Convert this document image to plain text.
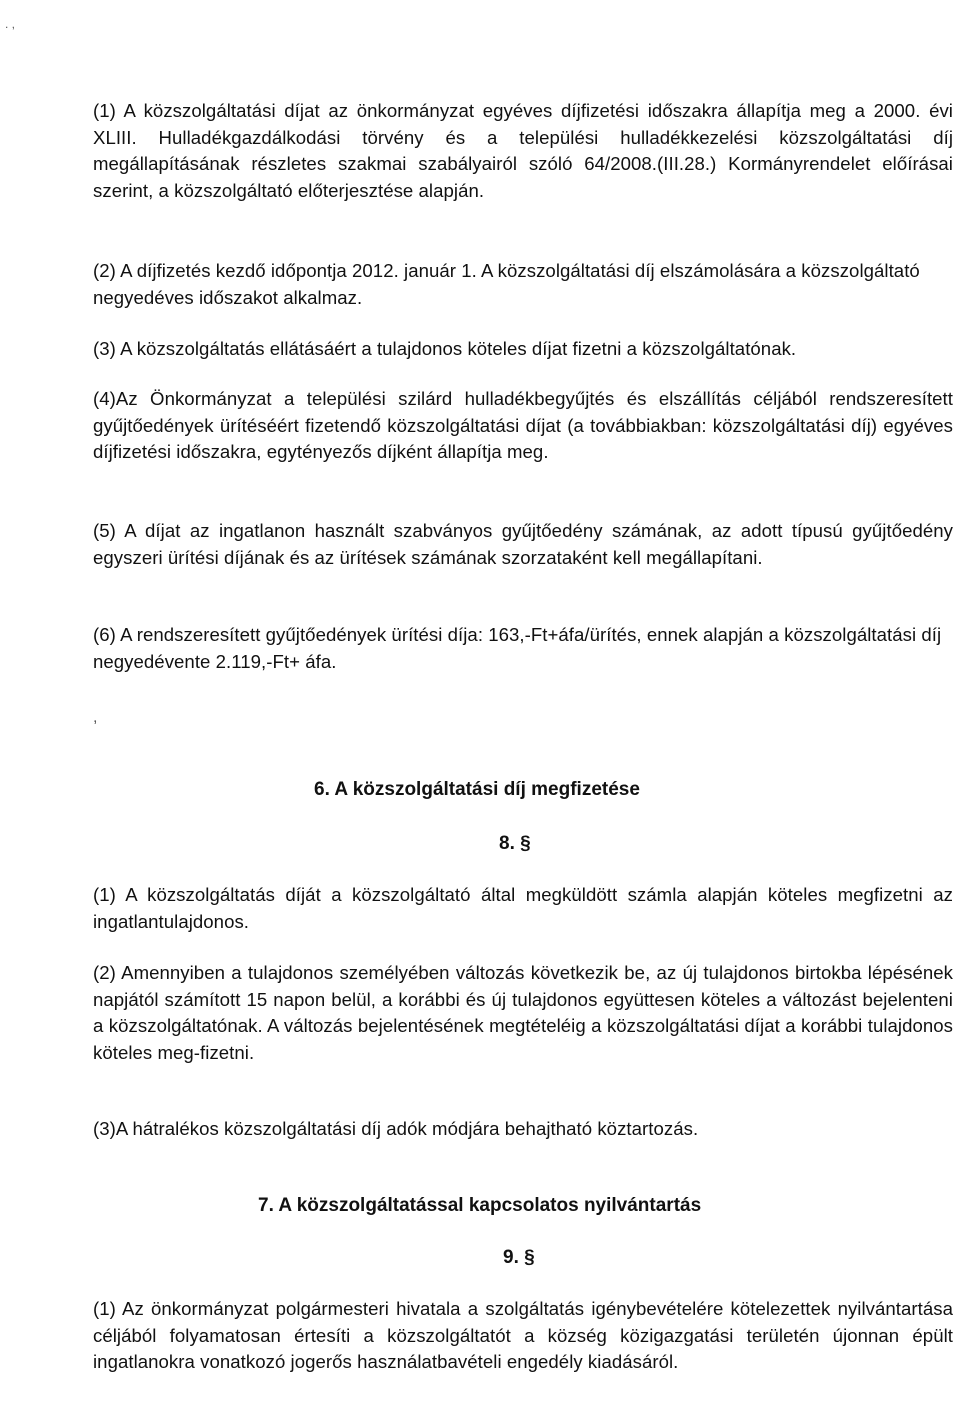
. ,

(1) A közszolgáltatási díjat az önkormányzat egyéves díjfizetési időszakra állapítja meg a 2000. évi XLIII. Hulladékgazdálkodási törvény és a települési hulladékkezelési közszolgáltatási díj megállapításának részletes szakmai szabályairól szóló 64/2008.(III.28.) Kormányrendelet előírásai szerint, a közszolgáltató előterjesztése alapján.

(2) A díjfizetés kezdő időpontja 2012. január 1. A közszolgáltatási díj elszámolására a közszolgáltató negyedéves időszakot alkalmaz.

(3) A közszolgáltatás ellátásáért a tulajdonos köteles díjat fizetni a közszolgáltatónak.

(4)Az Önkormányzat a települési szilárd hulladékbegyűjtés és elszállítás céljából rendszeresített gyűjtőedények ürítéséért fizetendő közszolgáltatási díjat (a továbbiakban: közszolgáltatási díj) egyéves díjfizetési időszakra, egytényezős díjként állapítja meg.

(5) A díjat az ingatlanon használt szabványos gyűjtőedény számának, az adott típusú gyűjtőedény egyszeri ürítési díjának és az ürítések számának szorzataként kell megállapítani.

(6) A rendszeresített gyűjtőedények ürítési díja: 163,-Ft+áfa/ürítés, ennek alapján a közszolgáltatási díj negyedévente 2.119,-Ft+ áfa.

,
6. A közszolgáltatási díj megfizetése
8. §

(1) A közszolgáltatás díját a közszolgáltató által megküldött számla alapján köteles megfizetni az ingatlantulajdonos.

(2) Amennyiben a tulajdonos személyében változás következik be, az új tulajdonos birtokba lépésének napjától számított 15 napon belül, a korábbi és új tulajdonos együttesen köteles a változást bejelenteni a közszolgáltatónak. A változás bejelentésének megtételéig a közszolgáltatási díjat a korábbi tulajdonos köteles meg-fizetni.

(3)A hátralékos közszolgáltatási díj adók módjára behajtható köztartozás.

7. A közszolgáltatással kapcsolatos nyilvántartás
9. §

(1) Az önkormányzat polgármesteri hivatala a szolgáltatás igénybevételére kötelezettek nyilvántartása céljából folyamatosan értesíti a közszolgáltatót a község közigazgatási területén újonnan épült ingatlanokra vonatkozó jogerős használatbavételi engedély kiadásáról.
